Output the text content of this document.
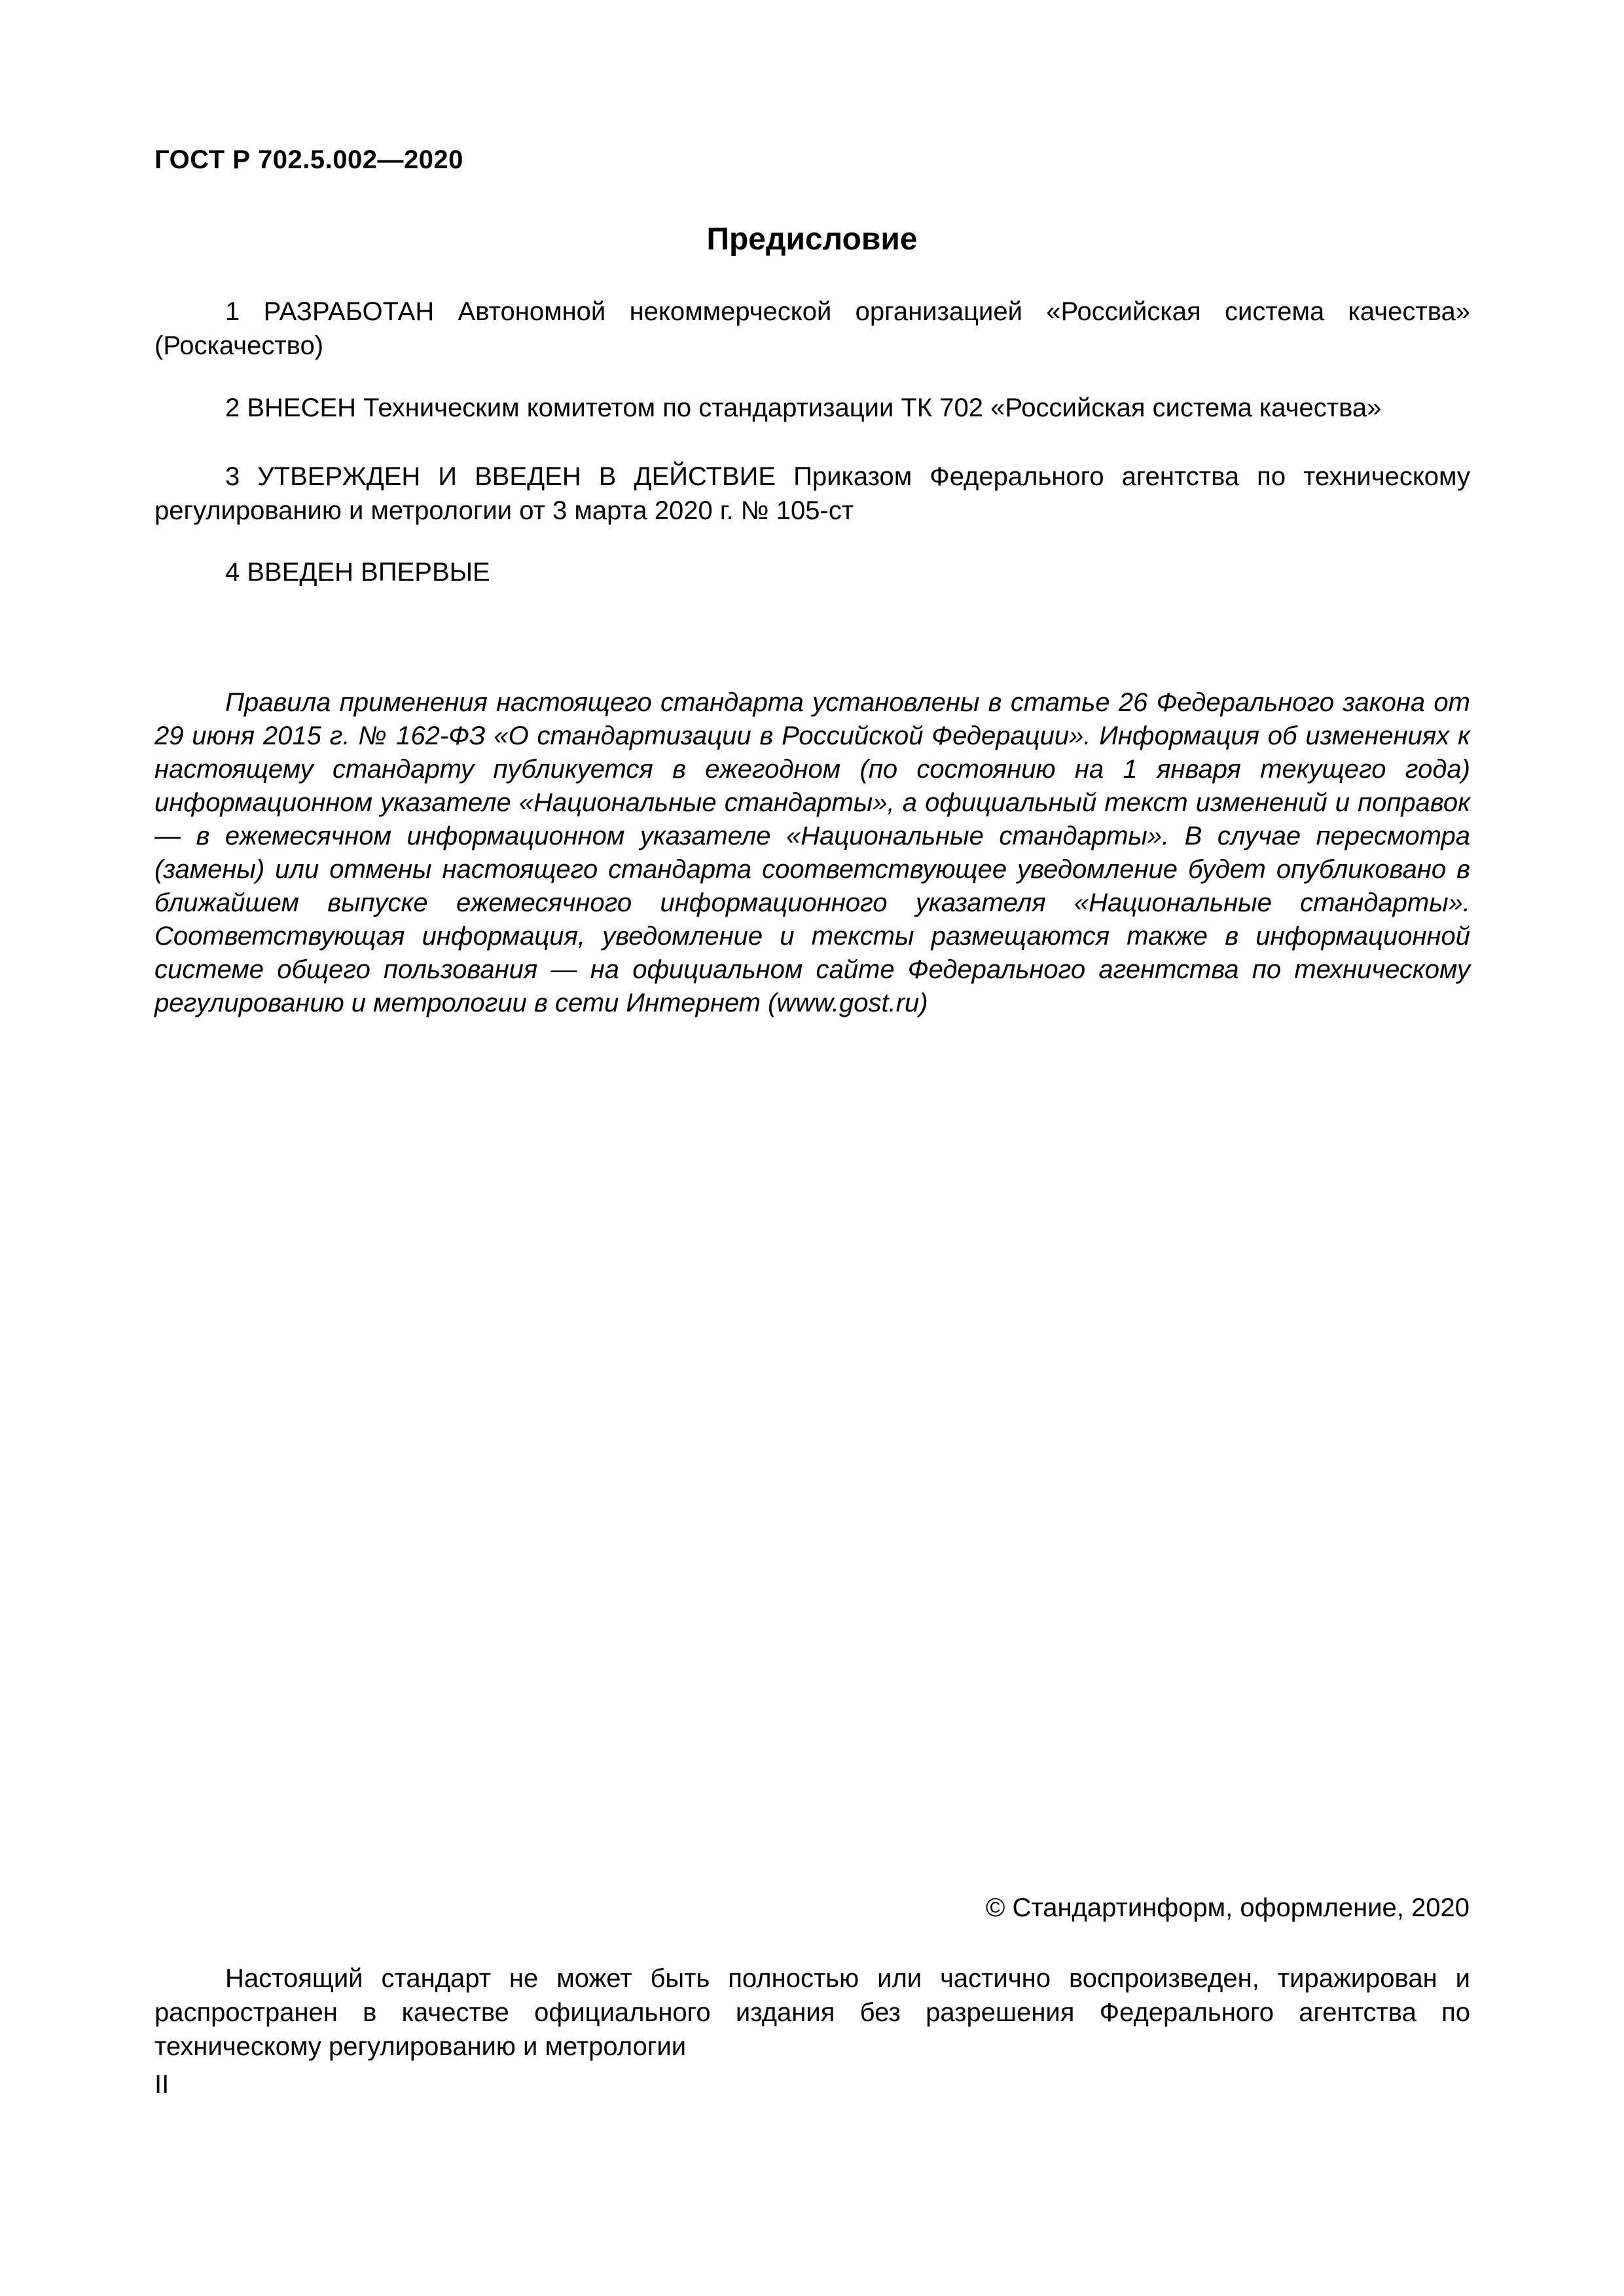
ГОСТ Р 702.5.002—2020
Предисловие

1 РАЗРАБОТАН Автономной некоммерческой организацией «Российская система качества» (Роскачество)

2 ВНЕСЕН Техническим комитетом по стандартизации ТК 702 «Российская система качества»

3 УТВЕРЖДЕН И ВВЕДЕН В ДЕЙСТВИЕ Приказом Федерального агентства по техническому регулированию и метрологии от 3 марта 2020 г. № 105-ст

4 ВВЕДЕН ВПЕРВЫЕ

Правила применения настоящего стандарта установлены в статье 26 Федерального закона от 29 июня 2015 г. № 162-ФЗ «О стандартизации в Российской Федерации». Информация об изменениях к настоящему стандарту публикуется в ежегодном (по состоянию на 1 января текущего года) информационном указателе «Национальные стандарты», а официальный текст изменений и поправок — в ежемесячном информационном указателе «Национальные стандарты». В случае пересмотра (замены) или отмены настоящего стандарта соответствующее уведомление будет опубликовано в ближайшем выпуске ежемесячного информационного указателя «Национальные стандарты». Соответствующая информация, уведомление и тексты размещаются также в информационной системе общего пользования — на официальном сайте Федерального агентства по техническому регулированию и метрологии в сети Интернет (www.gost.ru)

© Стандартинформ, оформление, 2020

Настоящий стандарт не может быть полностью или частично воспроизведен, тиражирован и распространен в качестве официального издания без разрешения Федерального агентства по техническому регулированию и метрологии

II
